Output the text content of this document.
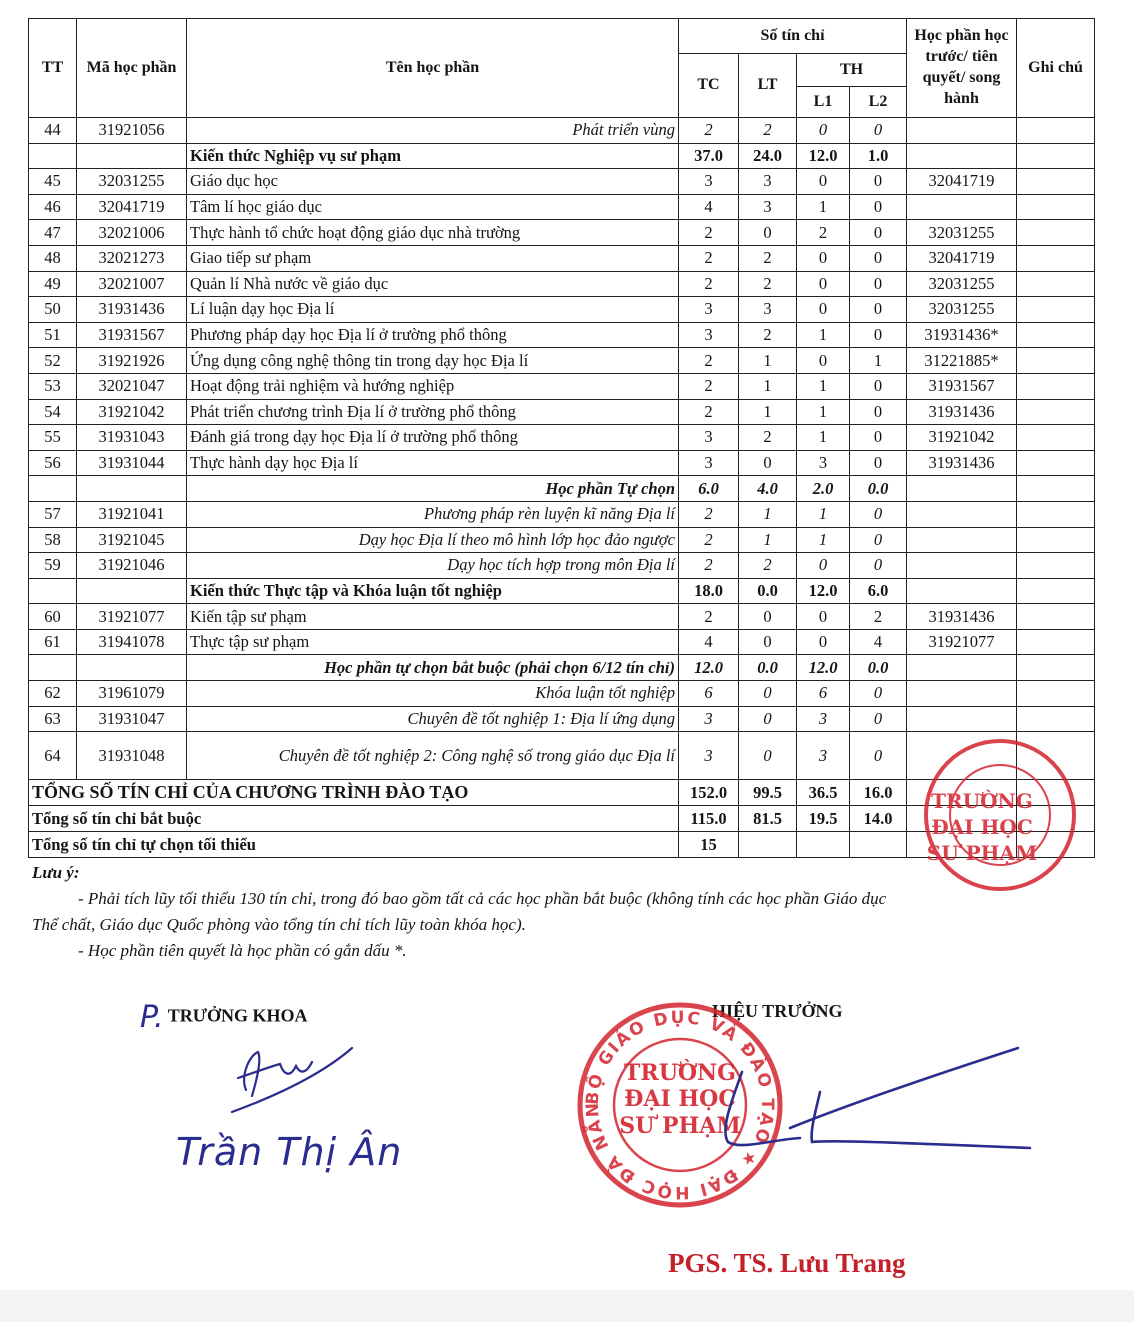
TT	Mã học phần	Tên học phần	Số tín chỉ				Học phần học trước/ tiên quyết/ song hành	Ghi chú
			TC	LT	TH			
					L1	L2		
44	31921056	Phát triển vùng	2	2	0	0		
		Kiến thức Nghiệp vụ sư phạm	37.0	24.0	12.0	1.0		
45	32031255	Giáo dục học	3	3	0	0	32041719	
46	32041719	Tâm lí học giáo dục	4	3	1	0		
47	32021006	Thực hành tổ chức hoạt động giáo dục nhà trường	2	0	2	0	32031255	
48	32021273	Giao tiếp sư phạm	2	2	0	0	32041719	
49	32021007	Quản lí Nhà nước về giáo dục	2	2	0	0	32031255	
50	31931436	Lí luận dạy học Địa lí	3	3	0	0	32031255	
51	31931567	Phương pháp dạy học Địa lí ở trường phổ thông	3	2	1	0	31931436*	
52	31921926	Ứng dụng công nghệ thông tin trong dạy học Địa lí	2	1	0	1	31221885*	
53	32021047	Hoạt động trải nghiệm và hướng nghiệp	2	1	1	0	31931567	
54	31921042	Phát triển chương trình Địa lí ở trường phổ thông	2	1	1	0	31931436	
55	31931043	Đánh giá trong dạy học Địa lí ở trường phổ thông	3	2	1	0	31921042	
56	31931044	Thực hành dạy học Địa lí	3	0	3	0	31931436	
		Học phần Tự chọn	6.0	4.0	2.0	0.0		
57	31921041	Phương pháp rèn luyện kĩ năng Địa lí	2	1	1	0		
58	31921045	Dạy học Địa lí theo mô hình lớp học đảo ngược	2	1	1	0		
59	31921046	Dạy học tích hợp trong môn Địa lí	2	2	0	0		
		Kiến thức Thực tập và Khóa luận tốt nghiệp	18.0	0.0	12.0	6.0		
60	31921077	Kiến tập sư phạm	2	0	0	2	31931436	
61	31941078	Thực tập sư phạm	4	0	0	4	31921077	
		Học phần tự chọn bắt buộc (phải chọn 6/12 tín chỉ)	12.0	0.0	12.0	0.0		
62	31961079	Khóa luận tốt nghiệp	6	0	6	0		
63	31931047	Chuyên đề tốt nghiệp 1: Địa lí ứng dụng	3	0	3	0		
64	31931048	Chuyên đề tốt nghiệp 2: Công nghệ số trong giáo dục Địa lí	3	0	3	0		
TỔNG SỐ TÍN CHỈ CỦA CHƯƠNG TRÌNH ĐÀO TẠO			152.0	99.5	36.5	16.0		
Tổng số tín chỉ bắt buộc			115.0	81.5	19.5	14.0		
Tổng số tín chỉ tự chọn tối thiểu			15					

Lưu ý:

- Phải tích lũy tối thiểu 130 tín chỉ, trong đó bao gồm tất cả các học phần bắt buộc (không tính các học phần Giáo dục

Thể chất, Giáo dục Quốc phòng vào tổng tín chỉ tích lũy toàn khóa học).

- Học phần tiên quyết là học phần có gắn dấu *.

P. TRƯỞNG KHOA
Trần Thị Ân
HIỆU TRƯỞNG
PGS. TS. Lưu Trang
BỘ GIÁO DỤC VÀ ĐÀO TẠO ★ ĐẠI HỌC ĐÀ NẴN
TRƯỜNG
ĐẠI HỌC
SƯ PHẠM
TRƯỜNG
ĐẠI HỌC
SƯ PHẠM
